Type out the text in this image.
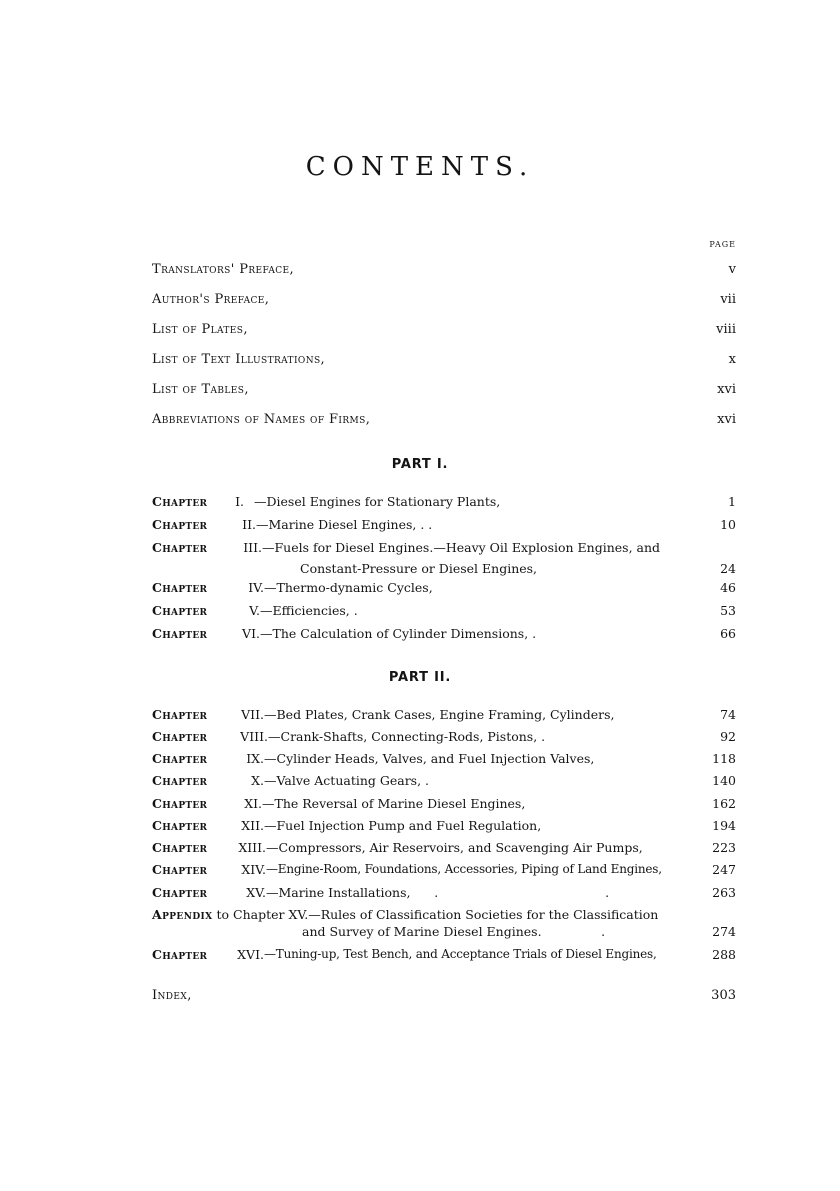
CONTENTS.
PAGE
Translators' Preface,	v
Author's Preface,	vii
List of Plates,	viii
List of Text Illustrations,	x
List of Tables,	xvi
Abbreviations of Names of Firms,	xvi
PART I.
Chapter I. —Diesel Engines for Stationary Plants,	1
Chapter	II. —Marine Diesel Engines, . .	10
Chapter	III. —Fuels for Diesel Engines.—Heavy Oil Explosion Engines, and
Constant-Pressure or Diesel Engines,	24
Chapter	IV. —Thermo-dynamic Cycles,	46
Chapter	V. —Efficiencies, .	53
Chapter	VI. —The Calculation of Cylinder Dimensions, .	66
PART II.
Chapter	VII. —Bed Plates, Crank Cases, Engine Framing, Cylinders,	74
Chapter	VIII. —Crank-Shafts, Connecting-Rods, Pistons, .	92
Chapter	IX. —Cylinder Heads, Valves, and Fuel Injection Valves,	118
Chapter	X. —Valve Actuating Gears, .	140
Chapter	XI. —The Reversal of Marine Diesel Engines,	162
Chapter	XII. —Fuel Injection Pump and Fuel Regulation,	194
Chapter XIII. —Compressors, Air Reservoirs, and Scavenging Air Pumps,	223
Chapter	XIV. —Engine-Room, Foundations, Accessories, Piping of Land Engines,	247
Chapter	XV. —Marine Installations,      .                                          .	263
Appendix to Chapter XV.—Rules of Classification Societies for the Classification
and Survey of Marine Diesel Engines.               .	274
Chapter XVI. —Tuning-up, Test Bench, and Acceptance Trials of Diesel Engines,	288
Index,	303
